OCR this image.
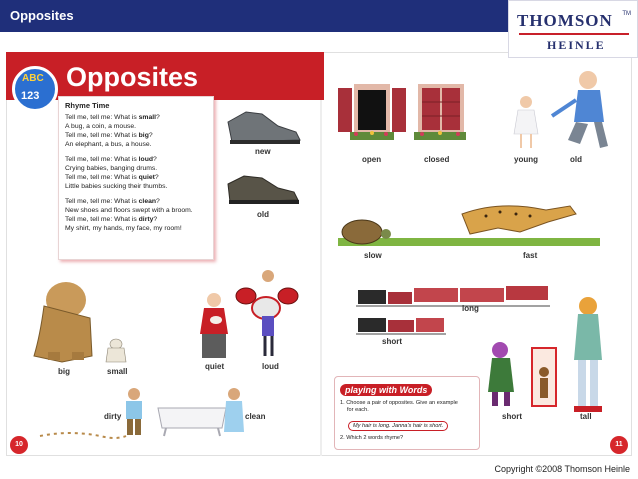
Opposites	THOMSON TM
HEINLE
ABC
123
Opposites
Rhyme Time
Tell me, tell me: What is small?
A bug, a coin, a mouse.
Tell me, tell me: What is big?
An elephant, a bus, a house.
Tell me, tell me: What is loud?
Crying babies, banging drums.
Tell me, tell me: What is quiet?
Little babies sucking their thumbs.
Tell me, tell me: What is clean?
New shoes and floors swept with a broom.
Tell me, tell me: What is dirty?
My shirt, my hands, my face, my room!
new
old
big	small
quiet	loud
dirty	clean
open	closed	young	old
slow	fast
long
short
short	tall
playing with Words
1. Choose a pair of opposites. Give an example
for each.
My hair is long. Janna's hair is short.
2. Which 2 words rhyme?
10	11
Copyright ©2008 Thomson Heinle
